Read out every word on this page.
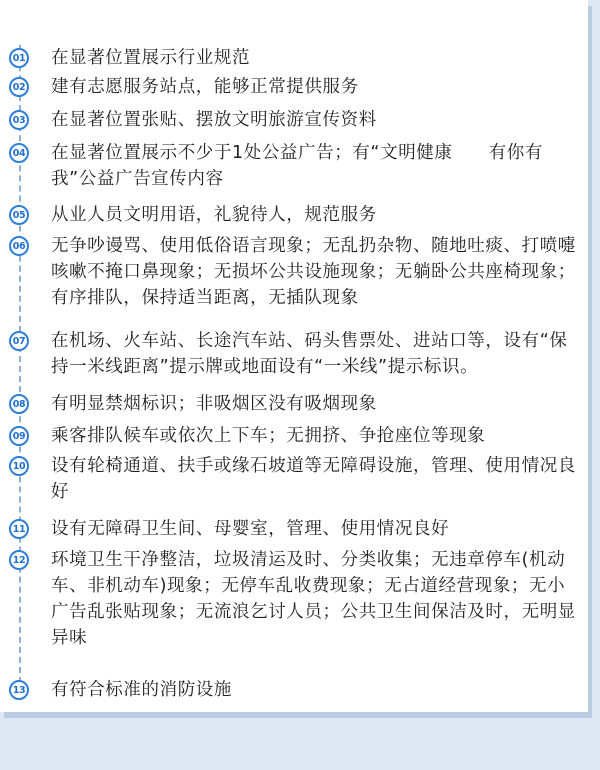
01 在显著位置展示行业规范
02 建有志愿服务站点，能够正常提供服务
03 在显著位置张贴、摆放文明旅游宣传资料
04 在显著位置展示不少于1处公益广告；有“文明健康　　有你有我”公益广告宣传内容
05 从业人员文明用语，礼貌待人，规范服务
06 无争吵谩骂、使用低俗语言现象；无乱扔杂物、随地吐痰、打喷嚏咳嗽不掩口鼻现象；无损坏公共设施现象；无躺卧公共座椅现象；有序排队，保持适当距离，无插队现象
07 在机场、火车站、长途汽车站、码头售票处、进站口等，设有“保持一米线距离”提示牌或地面设有“一米线”提示标识。
08 有明显禁烟标识；非吸烟区没有吸烟现象
09 乘客排队候车或依次上下车；无拥挤、争抢座位等现象
10 设有轮椅通道、扶手或缘石坡道等无障碍设施，管理、使用情况良好
11 设有无障碍卫生间、母婴室，管理、使用情况良好
12 环境卫生干净整洁，垃圾清运及时、分类收集；无违章停车(机动车、非机动车)现象；无停车乱收费现象；无占道经营现象；无小广告乱张贴现象；无流浪乞讨人员；公共卫生间保洁及时，无明显异味
13 有符合标准的消防设施
